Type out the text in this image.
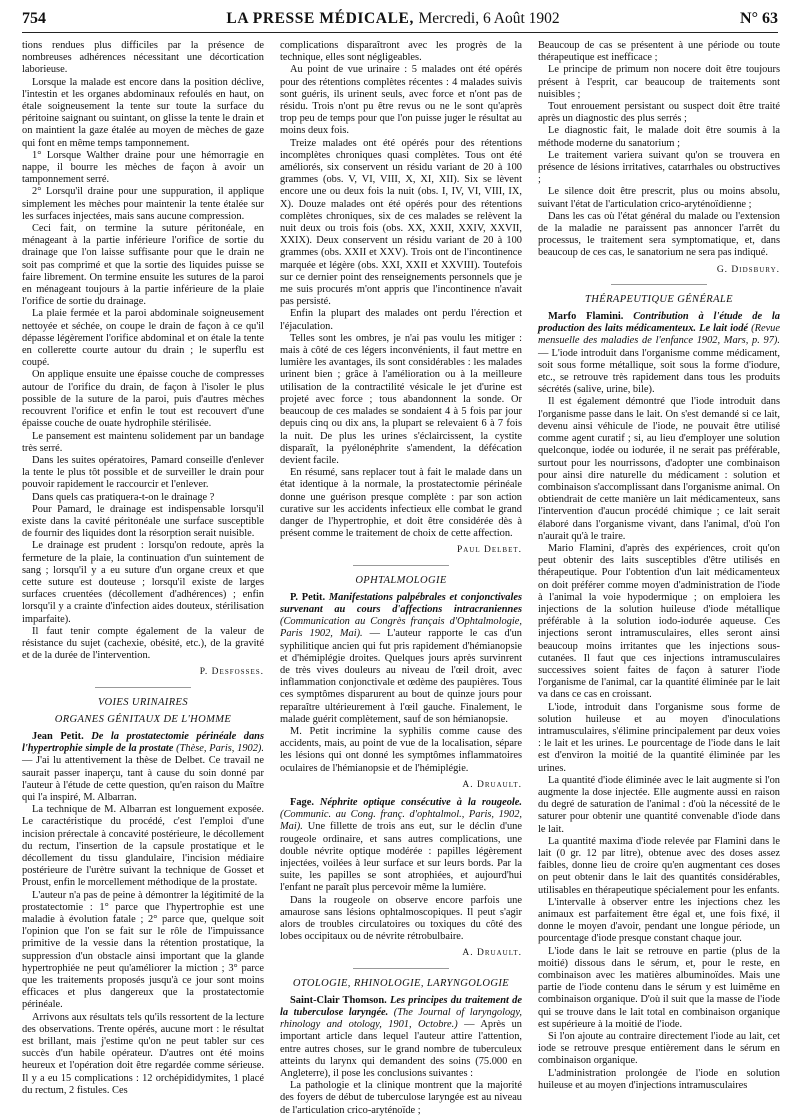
754	LA PRESSE MÉDICALE, Mercredi, 6 Août 1902	N° 63

tions rendues plus difficiles par la présence de nombreuses adhérences nécessitant une décortication laborieuse.

Lorsque la malade est encore dans la position déclive, l'intestin et les organes abdominaux refoulés en haut, on étale soigneusement la tente sur toute la surface du péritoine saignant ou suintant, on glisse la tente le drain et on maintient la gaze étalée au moyen de mèches de gaze qui font en même temps tamponnement.

1° Lorsque Walther draine pour une hémorragie en nappe, il bourre les mèches de façon à avoir un tamponnement serré.

2° Lorsqu'il draine pour une suppuration, il applique simplement les mèches pour maintenir la tente étalée sur les surfaces injectées, mais sans aucune compression.

Ceci fait, on termine la suture péritonéale, en ménageant à la partie inférieure l'orifice de sortie du drainage que l'on laisse suffisante pour que le drain ne soit pas comprimé et que la sortie des liquides puisse se faire librement. On termine ensuite les sutures de la paroi en ménageant toujours à la partie inférieure de la plaie l'orifice de sortie du drainage.

La plaie fermée et la paroi abdominale soigneusement nettoyée et séchée, on coupe le drain de façon à ce qu'il dépasse légèrement l'orifice abdominal et on étale la tente en collerette courte autour du drain ; le superflu est coupé.

On applique ensuite une épaisse couche de compresses autour de l'orifice du drain, de façon à l'isoler le plus possible de la suture de la paroi, puis d'autres mèches recouvrent l'orifice et enfin le tout est recouvert d'une épaisse couche de ouate hydrophile stérilisée.

Le pansement est maintenu solidement par un bandage très serré.

Dans les suites opératoires, Pamard conseille d'enlever la tente le plus tôt possible et de surveiller le drain pour pouvoir rapidement le raccourcir et l'enlever.

Dans quels cas pratiquera-t-on le drainage ?

Pour Pamard, le drainage est indispensable lorsqu'il existe dans la cavité péritonéale une surface susceptible de fournir des liquides dont la résorption serait nuisible.

Le drainage est prudent : lorsqu'on redoute, après la fermeture de la plaie, la continuation d'un suintement de sang ; lorsqu'il y a eu suture d'un organe creux et que cette suture est douteuse ; lorsqu'il existe de larges surfaces cruentées (décollement d'adhérences) ; enfin lorsqu'il y a crainte d'infection aides douteux, stérilisation imparfaite).

Il faut tenir compte également de la valeur de résistance du sujet (cachexie, obésité, etc.), de la gravité et de la durée de l'intervention.

P. Desfosses.
VOIES URINAIRES
ORGANES GÉNITAUX DE L'HOMME

Jean Petit. De la prostatectomie périnéale dans l'hypertrophie simple de la prostate (Thèse, Paris, 1902). — J'ai lu attentivement la thèse de Delbet. Ce travail ne saurait passer inaperçu, tant à cause du soin donné par l'auteur à l'étude de cette question, qu'en raison du Maître qui l'a inspiré, M. Albarran.

La technique de M. Albarran est longuement exposée. Le caractéristique du procédé, c'est l'emploi d'une incision prérectale à concavité postérieure, le décollement du rectum, l'insertion de la capsule prostatique et le décollement du tissu glandulaire, l'incision médiaire postérieure de l'urètre suivant la technique de Gosset et Proust, enfin le morcellement méthodique de la prostate.

L'auteur n'a pas de peine à démontrer la légitimité de la prostatectomie : 1° parce que l'hypertrophie est une maladie à évolution fatale ; 2° parce que, quelque soit l'opinion que l'on se fait sur le rôle de l'impuissance primitive de la vessie dans la rétention prostatique, la suppression d'un obstacle ainsi important que la glande hypertrophiée ne peut qu'améliorer la miction ; 3° parce que les traitements proposés jusqu'à ce jour sont moins efficaces et plus dangereux que la prostatectomie périnéale.

Arrivons aux résultats tels qu'ils ressortent de la lecture des observations. Trente opérés, aucune mort : le résultat est brillant, mais j'estime qu'on ne peut tabler sur ces succès d'un habile opérateur. D'autres ont été moins heureux et l'opération doit être regardée comme sérieuse. Il y a eu 15 complications : 12 orchépididymites, 1 placé du rectum, 2 fistules. Ces

complications disparaîtront avec les progrès de la technique, elles sont négligeables.

Au point de vue urinaire : 5 malades ont été opérés pour des rétentions complètes récentes : 4 malades suivis sont guéris, ils urinent seuls, avec force et n'ont pas de résidu. Trois n'ont pu être revus ou ne le sont qu'après trop peu de temps pour que l'on puisse juger le résultat au moins deux fois.

Treize malades ont été opérés pour des rétentions incomplètes chroniques quasi complètes. Tous ont été améliorés, six conservent un résidu variant de 20 à 100 grammes (obs. V, VI, VIII, X, XI, XII). Six se lèvent encore une ou deux fois la nuit (obs. I, IV, VI, VIII, IX, X). Douze malades ont été opérés pour des rétentions complètes chroniques, six de ces malades se relèvent la nuit deux ou trois fois (obs. XX, XXII, XXIV, XXVII, XXIX). Deux conservent un résidu variant de 20 à 100 grammes (obs. XXII et XXV). Trois ont de l'incontinence marquée et légère (obs. XXI, XXII et XXVIII). Toutefois sur ce dernier point des renseignements personnels que je me suis procurés m'ont appris que l'incontinence n'avait pas persisté.

Enfin la plupart des malades ont perdu l'érection et l'éjaculation.

Telles sont les ombres, je n'ai pas voulu les mitiger : mais à côté de ces légers inconvénients, il faut mettre en lumière les avantages, ils sont considérables : les malades urinent bien ; grâce à l'amélioration ou à la meilleure utilisation de la contractilité vésicale le jet d'urine est projeté avec force ; tous abandonnent la sonde. Or beaucoup de ces malades se sondaient 4 à 5 fois par jour depuis cinq ou dix ans, la plupart se relevaient 6 à 7 fois la nuit. De plus les urines s'éclaircissent, la cystite disparaît, la pyélonéphrite s'amendent, la défécation devient facile.

En résumé, sans replacer tout à fait le malade dans un état identique à la normale, la prostatectomie périnéale donne une guérison presque complète : par son action curative sur les accidents infectieux elle combat le grand danger de l'hypertrophie, et doit être considérée dès à présent comme le traitement de choix de cette affection.

Paul Delbet.
OPHTALMOLOGIE

P. Petit. Manifestations palpébrales et conjonctivales survenant au cours d'affections intracraniennes (Communication au Congrès français d'Ophtalmologie, Paris 1902, Mai). — L'auteur rapporte le cas d'un syphilitique ancien qui fut pris rapidement d'hémianopsie et d'hémiplégie droites. Quelques jours après survinrent de très vives douleurs au niveau de l'œil droit, avec inflammation conjonctivale et œdème des paupières. Tous ces symptômes disparurent au bout de quinze jours pour reparaître ultérieurement à l'œil gauche. Finalement, le malade guérit complètement, sauf de son hémianopsie.

M. Petit incrimine la syphilis comme cause des accidents, mais, au point de vue de la localisation, sépare les lésions qui ont donné les symptômes inflammatoires oculaires de l'hémianopsie et de l'hémiplégie.

A. Druault.

Fage. Néphrite optique consécutive à la rougeole. (Communic. au Cong. franç. d'ophtalmol., Paris, 1902, Mai). Une fillette de trois ans eut, sur le déclin d'une rougeole ordinaire, et sans autres complications, une double névrite optique modérée : papilles légèrement injectées, voilées à leur surface et sur leurs bords. Par la suite, les papilles se sont atrophiées, et aujourd'hui l'enfant ne paraît plus percevoir même la lumière.

Dans la rougeole on observe encore parfois une amaurose sans lésions ophtalmoscopiques. Il peut s'agir alors de troubles circulatoires ou toxiques du côté des lobes occipitaux ou de névrite rétrobulbaire.

A. Druault.
OTOLOGIE, RHINOLOGIE, LARYNGOLOGIE

Saint-Clair Thomson. Les principes du traitement de la tuberculose laryngée. (The Journal of laryngology, rhinology and otology, 1901, Octobre.) — Après un important article dans lequel l'auteur attire l'attention, entre autres choses, sur le grand nombre de tuberculeux atteints du larynx qui demandent des soins (75.000 en Angleterre), il pose les conclusions suivantes :

La pathologie et la clinique montrent que la majorité des foyers de début de tuberculose laryngée est au niveau de l'articulation crico-aryténoïde ;

Beaucoup de cas se présentent à une période ou toute thérapeutique est inefficace ;

Le principe de primum non nocere doit être toujours présent à l'esprit, car beaucoup de traitements sont nuisibles ;

Tout enrouement persistant ou suspect doit être traité après un diagnostic des plus serrés ;

Le diagnostic fait, le malade doit être soumis à la méthode moderne du sanatorium ;

Le traitement variera suivant qu'on se trouvera en présence de lésions irritatives, catarrhales ou obstructives ;

Le silence doit être prescrit, plus ou moins absolu, suivant l'état de l'articulation crico-aryténoïdienne ;

Dans les cas où l'état général du malade ou l'extension de la maladie ne paraissent pas annoncer l'arrêt du processus, le traitement sera symptomatique, et, dans beaucoup de ces cas, le sanatorium ne sera pas indiqué.

G. Didsbury.
THÉRAPEUTIQUE GÉNÉRALE

Marfo Flamini. Contribution à l'étude de la production des laits médicamenteux. Le lait iodé (Revue mensuelle des maladies de l'enfance 1902, Mars, p. 97). — L'iode introduit dans l'organisme comme médicament, soit sous forme métallique, soit sous la forme d'iodure, etc., se retrouve très rapidement dans tous les produits sécrétés (salive, urine, bile).

Il est également démontré que l'iode introduit dans l'organisme passe dans le lait. On s'est demandé si ce lait, devenu ainsi véhicule de l'iode, ne pouvait être utilisé comme agent curatif ; si, au lieu d'employer une solution quelconque, iodée ou iodurée, il ne serait pas préférable, surtout pour les nourrissons, d'adopter une combinaison pour ainsi dire naturelle du médicament : solution et combinaison s'accomplissant dans l'organisme animal. On obtiendrait de cette manière un lait médicamenteux, sans l'intervention d'aucun procédé chimique ; ce lait serait élaboré dans l'organisme vivant, dans l'animal, d'où l'on n'aurait qu'à le traire.

Mario Flamini, d'après des expériences, croit qu'on peut obtenir des laits susceptibles d'être utilisés en thérapeutique. Pour l'obtention d'un lait médicamenteux on doit préférer comme moyen d'administration de l'iode à l'animal la voie hypodermique ; on emploiera les injections de la solution huileuse d'iode métallique préférable à la solution iodo-iodurée aqueuse. Ces injections seront intramusculaires, elles seront ainsi beaucoup moins irritantes que les injections sous-cutanées. Il faut que ces injections intramusculaires successives soient faites de façon à saturer l'iode l'organisme de l'animal, car la quantité éliminée par le lait va dans ce cas en croissant.

L'iode, introduit dans l'organisme sous forme de solution huileuse et au moyen d'inoculations intramusculaires, s'élimine principalement par deux voies : le lait et les urines. Le pourcentage de l'iode dans le lait est d'environ la moitié de la quantité éliminée par les urines.

La quantité d'iode éliminée avec le lait augmente si l'on augmente la dose injectée. Elle augmente aussi en raison du degré de saturation de l'animal : d'où la nécessité de le saturer pour obtenir une quantité convenable d'iode dans le lait.

La quantité maxima d'iode relevée par Flamini dans le lait (0 gr. 12 par litre), obtenue avec des doses assez faibles, donne lieu de croire qu'en augmentant ces doses on peut obtenir dans le lait des quantités considérables, utilisables en thérapeutique spécialement pour les enfants.

L'intervalle à observer entre les injections chez les animaux est parfaitement être égal et, une fois fixé, il donne le moyen d'avoir, pendant une longue période, un pourcentage d'iode presque constant chaque jour.

L'iode dans le lait se retrouve en partie (plus de la moitié) dissous dans le sérum, et, pour le reste, en combinaison avec les matières albuminoïdes. Mais une partie de l'iode contenu dans le sérum y est luimême en combinaison organique. D'où il suit que la masse de l'iode qui se trouve dans le lait total en combinaison organique est supérieure à la moitié de l'iode.

Si l'on ajoute au contraire directement l'iode au lait, cet iode se retrouve presque entièrement dans le sérum en combinaison organique.

L'administration prolongée de l'iode en solution huileuse et au moyen d'injections intramusculaires
